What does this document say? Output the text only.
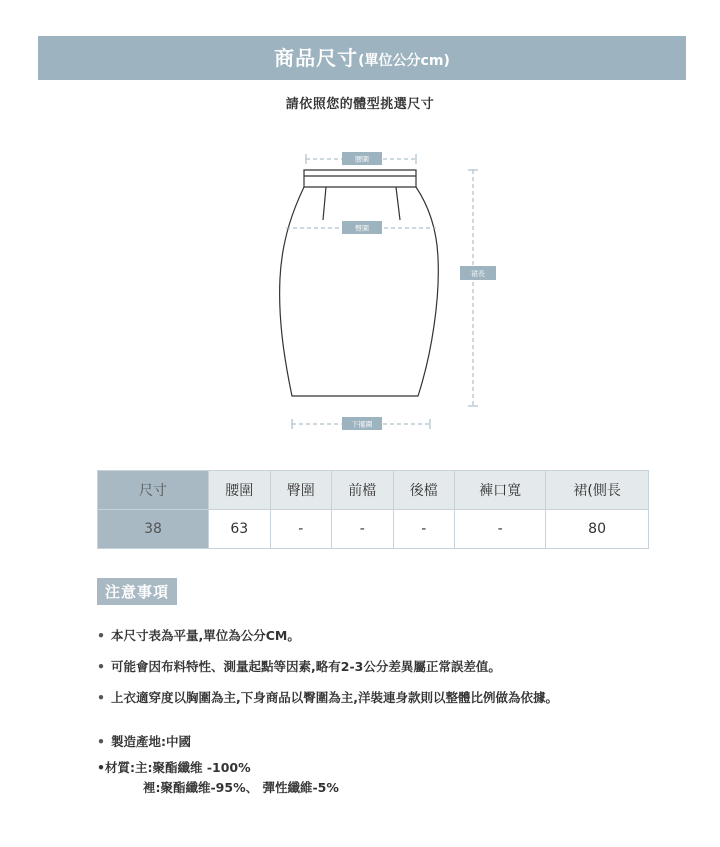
商品尺寸(單位公分cm)
請依照您的體型挑選尺寸
腰圍
臀圍
裙長
下擺圍
尺寸	腰圍	臀圍	前檔	後檔	褲口寬	裙(側長
38	63	-	-	-	-	80
注意事項
• 本尺寸表為平量,單位為公分CM。
• 可能會因布料特性、測量起點等因素,略有2-3公分差異屬正常誤差值。
• 上衣適穿度以胸圍為主,下身商品以臀圍為主,洋裝連身款則以整體比例做為依據。
• 製造產地:中國
•材質:主:聚酯纖维 -100%
裡:聚酯纖维-95%、 彈性纖維-5%
